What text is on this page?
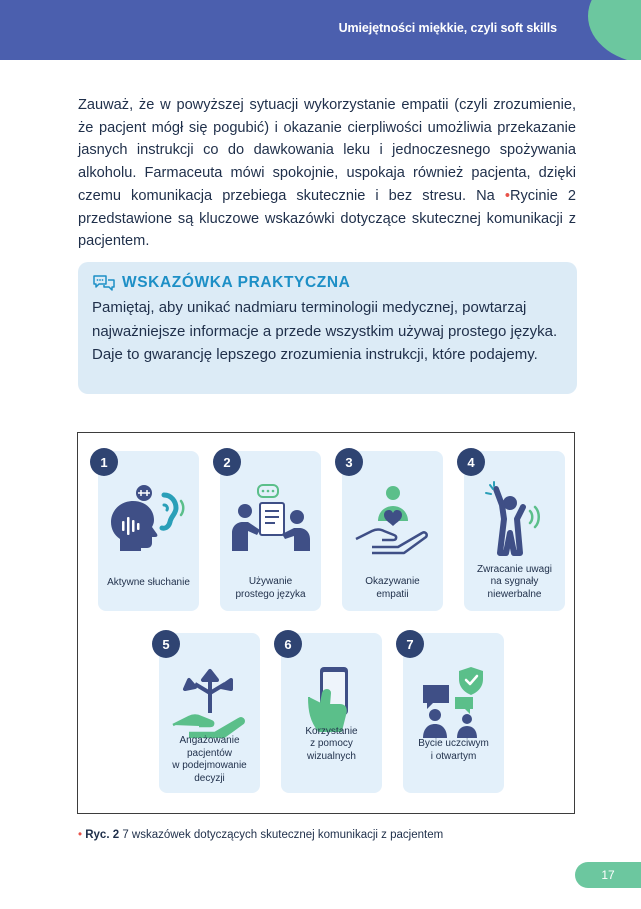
Umiejętności miękkie, czyli soft skills

Zauważ, że w powyższej sytuacji wykorzystanie empatii (czyli zrozumienie, że pacjent mógł się pogubić) i okazanie cierpliwości umożliwia przekazanie jasnych instrukcji co do dawkowania leku i jednoczesnego spożywania alkoholu. Farmaceuta mówi spokojnie, uspokaja również pacjenta, dzięki czemu komunikacja przebiega skutecznie i bez stresu. Na •Rycinie 2 przedstawione są kluczowe wskazówki dotyczące skutecznej komunikacji z pacjentem.

WSKAZÓWKA PRAKTYCZNA

Pamiętaj, aby unikać nadmiaru terminologii medycznej, powtarzaj najważniejsze informacje a przede wszystkim używaj prostego języka. Daje to gwarancję lepszego zrozumienia instrukcji, które podajemy.

Aktywne słuchanie
1
Używanie
prostego języka
2
Okazywanie
empatii
3
Zwracanie uwagi
na sygnały
niewerbalne
4
Angażowanie
pacjentów
w podejmowanie
decyzji
5
Korzystanie
z pomocy
wizualnych
6
Bycie uczciwym
i otwartym
7
• Ryc. 2 7 wskazówek dotyczących skutecznej komunikacji z pacjentem
17
